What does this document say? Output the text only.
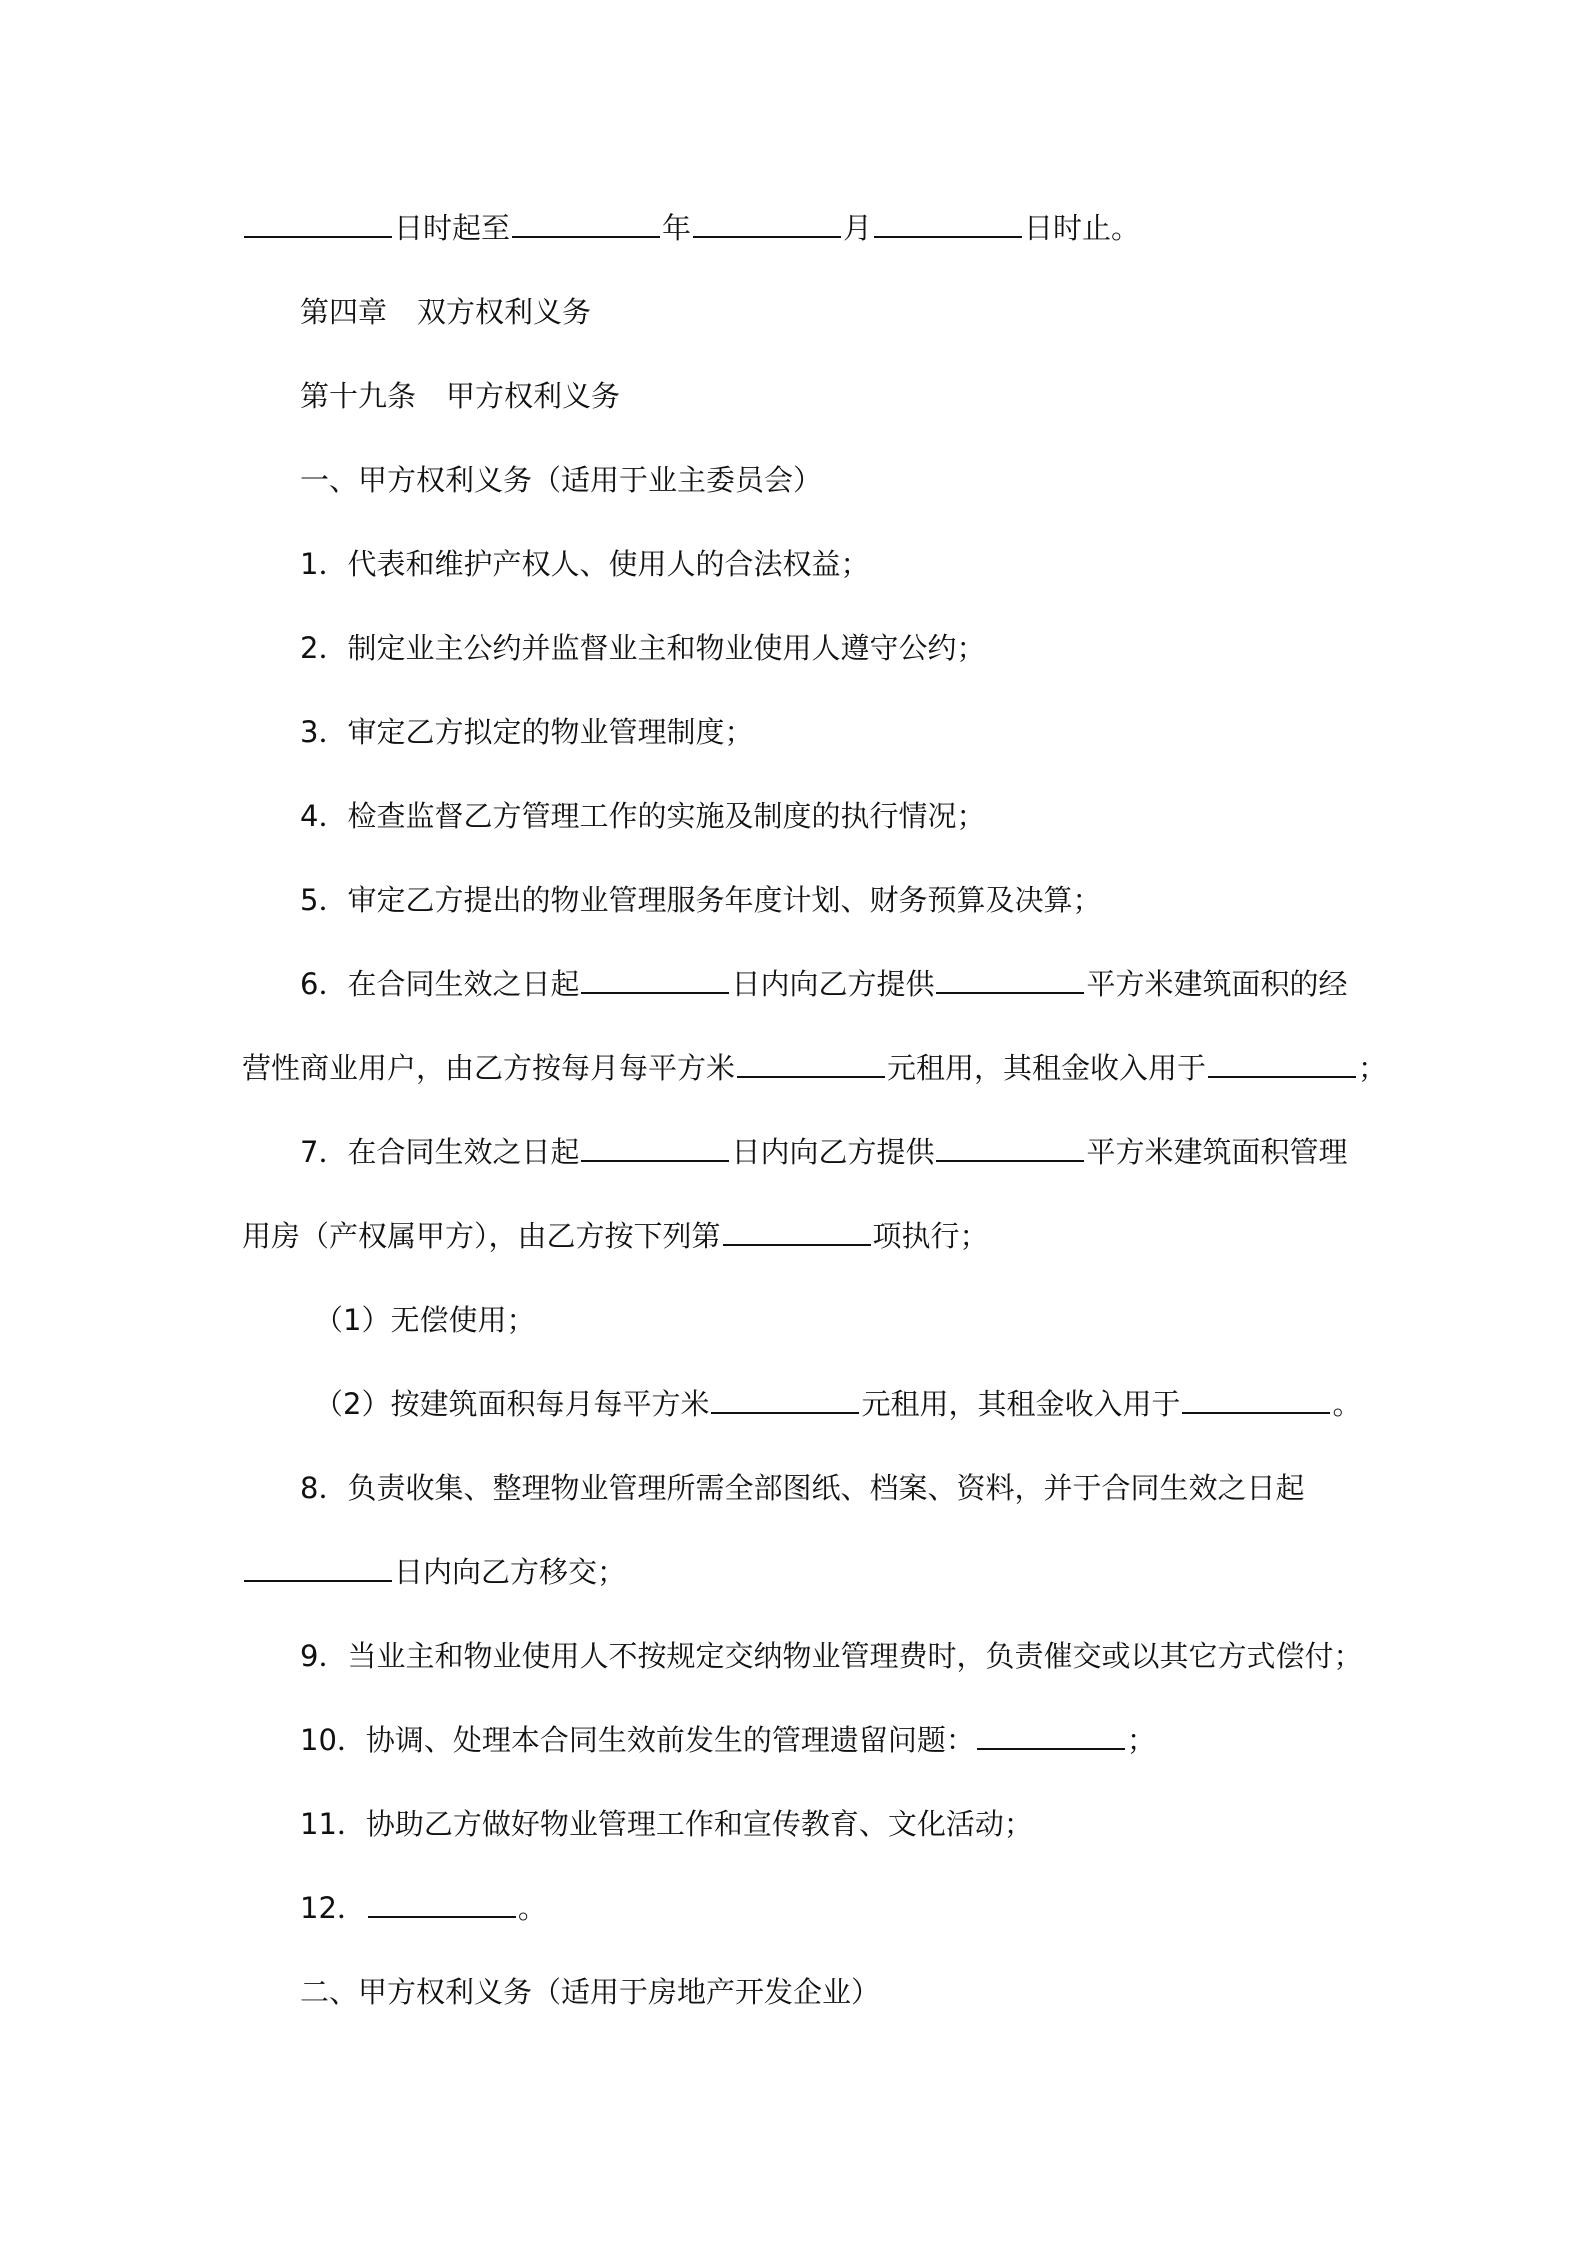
日时起至	年	月	日时止。
第四章 双方权利义务
第十九条 甲方权利义务
一、甲方权利义务（适用于业主委员会）
1．代表和维护产权人、使用人的合法权益；
2．制定业主公约并监督业主和物业使用人遵守公约；
3．审定乙方拟定的物业管理制度；
4．检查监督乙方管理工作的实施及制度的执行情况；
5．审定乙方提出的物业管理服务年度计划、财务预算及决算；
6．在合同生效之日起	日内向乙方提供	平方米建筑面积的经
营性商业用户，由乙方按每月每平方米	元租用，其租金收入用于	；
7．在合同生效之日起	日内向乙方提供	平方米建筑面积管理
用房（产权属甲方），由乙方按下列第	项执行；
（1）无偿使用；
（2）按建筑面积每月每平方米	元租用，其租金收入用于	。
8．负责收集、整理物业管理所需全部图纸、档案、资料，并于合同生效之日起
日内向乙方移交；
9．当业主和物业使用人不按规定交纳物业管理费时，负责催交或以其它方式偿付；
10．协调、处理本合同生效前发生的管理遗留问题：	；
11．协助乙方做好物业管理工作和宣传教育、文化活动；
12．	。
二、甲方权利义务（适用于房地产开发企业）
